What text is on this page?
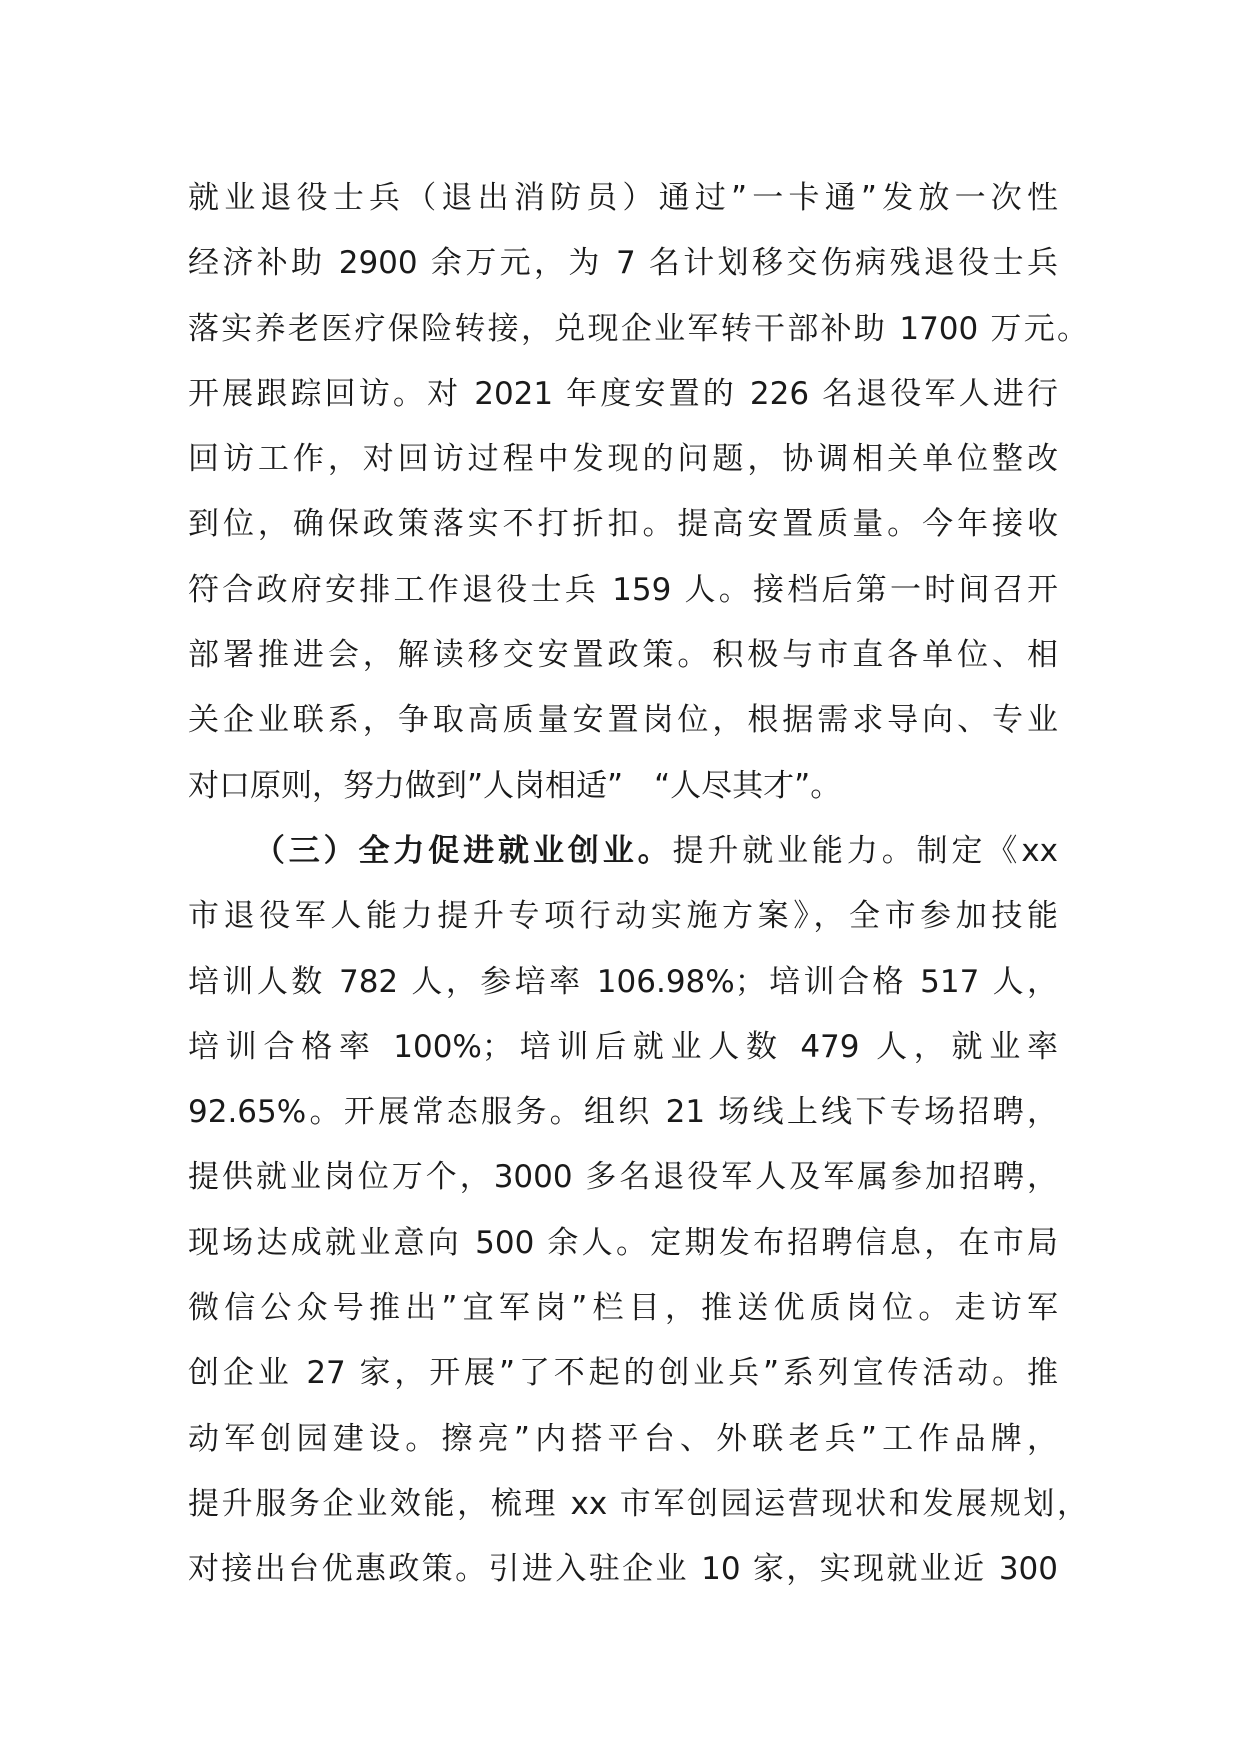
就业退役士兵（退出消防员）通过”一卡通”发放一次性
经济补助 2900 余万元，为 7 名计划移交伤病残退役士兵
落实养老医疗保险转接，兑现企业军转干部补助 1700 万元。
开展跟踪回访。对 2021 年度安置的 226 名退役军人进行
回访工作，对回访过程中发现的问题，协调相关单位整改
到位，确保政策落实不打折扣。提高安置质量。今年接收
符合政府安排工作退役士兵 159 人。接档后第一时间召开
部署推进会，解读移交安置政策。积极与市直各单位、相
关企业联系，争取高质量安置岗位，根据需求导向、专业
对口原则，努力做到”人岗相适”　“人尽其才”。
（三）全力促进就业创业。提升就业能力。制定《xx
市退役军人能力提升专项行动实施方案》，全市参加技能
培训人数 782 人，参培率 106.98%；培训合格 517 人，
培训合格率 100%；培训后就业人数 479 人，就业率
92.65%。开展常态服务。组织 21 场线上线下专场招聘，
提供就业岗位万个，3000 多名退役军人及军属参加招聘，
现场达成就业意向 500 余人。定期发布招聘信息，在市局
微信公众号推出”宜军岗”栏目，推送优质岗位。走访军
创企业 27 家，开展”了不起的创业兵”系列宣传活动。推
动军创园建设。擦亮”内搭平台、外联老兵”工作品牌，
提升服务企业效能，梳理 xx 市军创园运营现状和发展规划，
对接出台优惠政策。引进入驻企业 10 家，实现就业近 300
